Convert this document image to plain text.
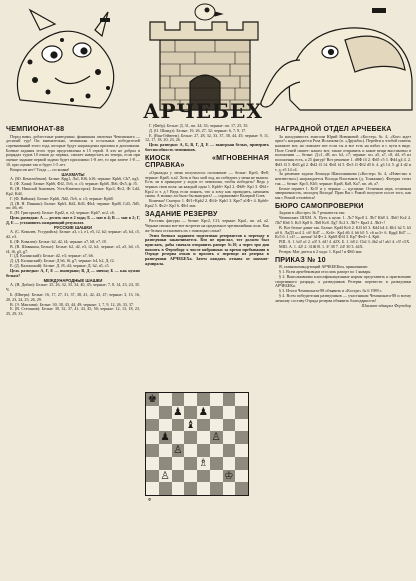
АРЧЕБЕХ
ЧЕМПИОНАТ-88

Перед вами, доблестные разведчики, финишная ленточка Чемпионата — десятый тур! Он внимательно, чемпионы и остальных победителей соревнований этого года, которые будут награждены призами и дипломами. Боевые задания этого тура представлены в 15 серий. А кто не добрал в разрядах туров 10 очков до первых, сможет наверстать их теперь, если при оценке задание первой задачи будет приложено 1-8 лет, то при зачете 1-8 — 10, при оценке так и будет 1-5 лет.

Вопросов нет? Тогда — по коням!

ШАХМАТЫ

А. (Ю. Кемельбеков): Белые: Крg1, Ла1, Кf6, h16; черные: Крh6, Сb7, пg3.

Б. (Ф. Хаан): Белые: Крb6, Фf2, Лс6, п. с3; черные: Крb8, Лb6, Фс5, ф. f5.

В. (Н. Николай Зиновьев, Усть-Каменогорск): Белые: Крс3, Фс2, Ф: Ld4, Кр2, Кd4.

Г. (Ф. Вайник): Белые: Крh6, Лd2, Лс6, п. с3; черные: Крb8.

Д. (В. Н. Пинкин): Белые: Крb3, Кd2, Кd3, Фh4; черные: Крd8, Сd3, Лd5, пп. d6, е6.

Е. (Н. Григорьев): Белые: Крd2, п. е2; черные: Крh7, пс2, с6.

Цель разведки: А — десять мат в 2 хода; Б — мат в 4; В — мат в 2; Г, Д, Е — установить ожидающий результат.

РУССКИЕ ШАШКИ

А. (С. Ковалев, Уссурийск): Белые: а3, с1, е1, е5, f2, h2; черные: а5, b4, с5, d2, е3.

Б. (Ф. Ковалев): Белые: b2, d2, f4; черные: а7, b8, е7, f8.

В. (В. Шавыкин, Белые): Белые: b2, d2, e3, f2, h2; черные: а3, а5, b4, с5, f4, f6, g5, g7.

Г. (Д. Калинский): Белые: d2, е3; черные: а7, b6.

Д. (Д. Калинский): Белые: Д h6, f6, g7; черные: h4, h2, Д. f2.

Е. (Д. Калинский): Белые: Д. f8, d4; черные: Д. h2, а5, с5.

Цель разведки: А, Г, Е — выигрыш; В, Д — ничья; Б — как нужно белым?

МЕЖДУНАРОДНЫЕ ШАШКИ

А. (Н. Дибиэ): Белые: 25, 26, 32, 33, 34, 40, 45; черные: 7, 8, 14, 23, 24, 35. Ч.

Б. (Шверк): Белые: 16, 17, 27, 31, 37, 38, 41, 42, 43, 47; черные: 3, 13, 16, 20, 23, 24, 25, 26, 29.

В. (Э. Мактави): Белые: 30, 38, 43, 44, 49; черные: 1, 7, 9, 12, 26, 33, 37.

Е. (В. Степанов): Белые: 30, 32, 37, 41, 43, 45, 50; черные: 12, 13, 18, 23, 25, 29, 33.

Г. (Фабр). Белые: Д. 31, пп. 24; 33; черные: пп. 17, 25, 35.

Д. (О. Шмидт). Белые: 19, 26, 27, 32; черные: 6, 7, 9, 17.

Е. (Ван-Гейвеем). Белые: 27, 28, 32, 33, 37, 38, 44, 45; черные: 9, 11, 12, 17, 18, 20, 23, 26.

Цель разведки: А, Б, В, Г, Д, Е — выигрыш белых, проверить боеспособность чемпионов.

КИОСК «МГНОВЕННАЯ СПРАВКА»

«Однажды у меня получилось положение — белые: Крс6, Фе8; черные: Кра8, п.а2. Хоть и был мой ход, но победить у меня не вышло. Есть ли в принципе у ходов от чемпиона, чтобы победить? Ведь у черных свои поля: на каждый один 1. Крb6+ Кр2 2. Фb8+ Кр1 3. Фb1+ Крс2 и т. д.? Ведь если понять, что я хочу как проводить, начинать снова. А можно ли было бы выиграть? — спрашивает Валерий Соев.

Конечно! Смотри: 1. Фf1+Крb2 2. Фf4+ Крb1 3. Кре7 а1Ф+ 4. Крb6+ Кра2 5. Фс2+ Кр1 6. Фb1 мат.

ЗАДАНИЕ РЕЗЕРВУ

Расставь фигуры — белые: Крс2, Сf1; черные: Кра1, пп. а4, а2. Черные пешки вот-вот встретят на предельное чрезвычайная сила. Как же белым остановить их с помощью слона?

Этим боевым заданием подготовки резервистов к переходу в разведчики заканчивается. Кто не прислал, тот должен был прислать, дабы сначала отправить рапорт №10, а через три дня вносить в Ферзобору о числе набранных за время пребывания в Отряде резерва очков и просить о переводе из резерва в разведчики АРЧЕБЕХа. Затем ожидать отзыва от шахмат-адмирала.

♚
♟ ♟
♝
♟	♙
♙
♗
♙	♔
Ф
НАГРАДНОЙ ОТДЕЛ АРЧЕБЕКА

За находчивость эмиссии Юрий Новиковой «Костер» № 4, «Кого ждет приз?» награждается Роза Исламова (п. «Дружба»). Перейти к чтобой помочь нажмите вот, но поможет вот если ты и все есть на пабах и с пути в виде. Поле Сеней пишет: нашел вот, также отправить и какие вещи выставлено в положении — белые: Д.с1, d8, пп. b2, с7; черные: пп. а5, а7, с8, d4, е5 из положения есть, а 25 фигур? Вот решение 1. d8Ф f4 2. Фd5 с5 3. Фd4 g4 4. 2. Фd3 f3 5. Фd3 g4 2. Фd2 f3 14. Фd1 f4 5. Фс3 f1 Фf2 d5 6. 4. g3 14. 5. gl 4 d2 и т. д. е5 14 с4.

За решение задачи Леонида Шапошникова («Костер» № 4, «Известно в неизвестно») награждается Володя Власенков (д. Тонькино). Фигуры стоят так — белые: Крс5, Кb5; черные: Кра8, Ка8, Кa7, пп. а6, а7.

Белые играют 1. Кс5! и у черных — цугцванг. Отличная игра, отличная завершенность, молодец Володя! Приз Вы с Ромой получите после того, как мы с Ромой отзовёмся!

БЮРО САМОПРОВЕРКИ

Задачи в «Костре» № 7 решаются так:

Чемпионат. ШХМ. А. Путь к цели: 1. Лс7 Крс8 2. Лb7 Кb8 3. Лh6! Кс4 4. Лh7 Кb6 5. Кс5 Кр8 6. Лh8 Кс8. Лg7 Лс2 3. Лb7+ Кра3 4. Лb3+!

В. Вот белые давят так. Белые: Крd4 Кс6 2. Кf3 b5 3. Кd4 b4 4. Кb1 h2 5. h3 аб 6. ЛаД3 кс4 2. с6! Кd7 — Кс6+. Кр4 d6 4. b6 b5 5. с6 кс3+ 6. Крg4 Кd7 — Кс5 6. 1 с4! — ничья! h1Ф+ 2. Крb8 Фf4 3. Кр7 Фе4+ 4. Кр6.

РШ. А. 1. b4! а1 2. а3! 3. d4! 4. d2Х. Б. 1. h8 2. Сb2 3. 4b2 а1! ab1 4. с5! c5Х.

МШ. А. 1. 42! 2. 31Ж В. 1. 3! 38 7. 24! 30 3. 44Х.

Резерв. Мат дается в 2 хода: 1. Кра1! и Фb5 мат.

ПРИКАЗ № 10

Я, главнокомандующий АРЧЕБЕКом, приказываю:

§ 1. Всем арчебековцам отослать рапорт по 1 января.

§ 2. Выполнившим классификационные нормы представить к присвоению спортивного разряда, а разведчиков Резерва перевести в разведчики АРЧЕБЕКа.

§ 3. Итоги Чемпионата-88 объявить в «Костре» № 6 1989 г.

§ 4. Всем победителям разведчиков — участникам Чемпионата-88 и всему личному составу Отряда резерва объявить благодарность!

Шахмат-адмирал Ферзобор
